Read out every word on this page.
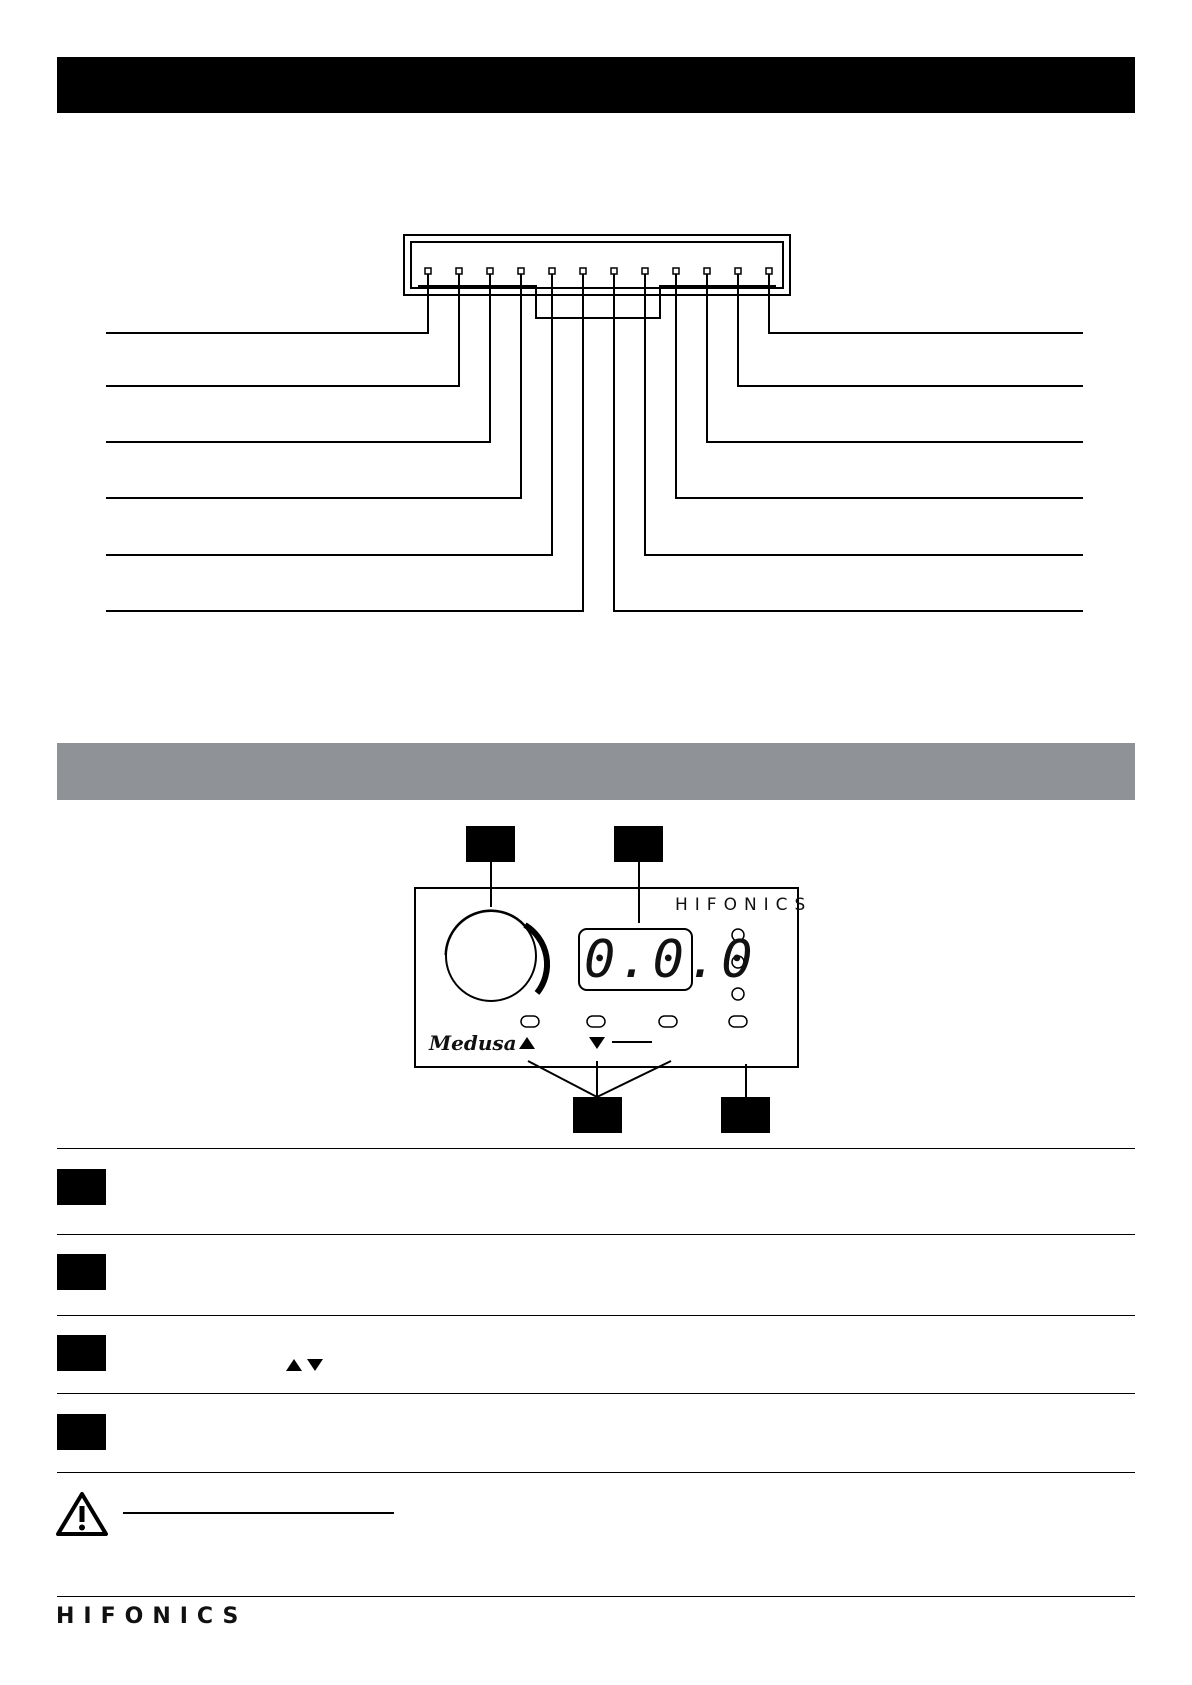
HIFONICS
0.0.0
Medusa
HIFONICS
